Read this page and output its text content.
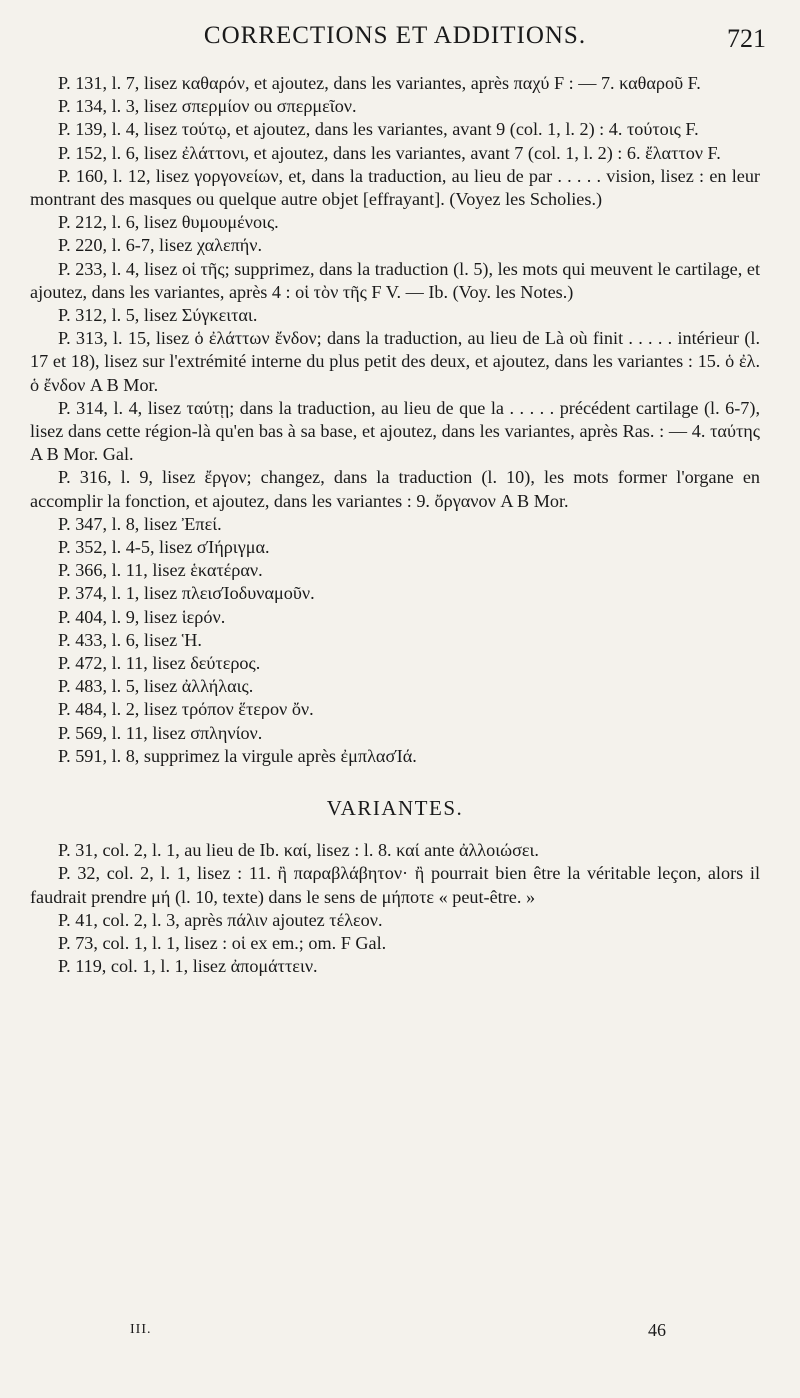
CORRECTIONS ET ADDITIONS.	721

P. 131, l. 7, lisez καθαρόν, et ajoutez, dans les variantes, après παχύ F : — 7. καθαροῦ F.

P. 134, l. 3, lisez σπερμίον ou σπερμεῖον.

P. 139, l. 4, lisez τούτῳ, et ajoutez, dans les variantes, avant 9 (col. 1, l. 2) : 4. τούτοις F.

P. 152, l. 6, lisez ἐλάττονι, et ajoutez, dans les variantes, avant 7 (col. 1, l. 2) : 6. ἔλαττον F.

P. 160, l. 12, lisez γοργονείων, et, dans la traduction, au lieu de par . . . . . vision, lisez : en leur montrant des masques ou quelque autre objet [effrayant]. (Voyez les Scholies.)

P. 212, l. 6, lisez θυμουμένοις.

P. 220, l. 6-7, lisez χαλεπήν.

P. 233, l. 4, lisez οἱ τῆς; supprimez, dans la traduction (l. 5), les mots qui meuvent le cartilage, et ajoutez, dans les variantes, après 4 : οἱ τὸν τῆς F V. — Ib. (Voy. les Notes.)

P. 312, l. 5, lisez Σύγκειται.

P. 313, l. 15, lisez ὁ ἐλάττων ἔνδον; dans la traduction, au lieu de Là où finit . . . . . intérieur (l. 17 et 18), lisez sur l'extrémité interne du plus petit des deux, et ajoutez, dans les variantes : 15. ὁ ἐλ. ὁ ἔνδον A B Mor.

P. 314, l. 4, lisez ταύτῃ; dans la traduction, au lieu de que la . . . . . précédent cartilage (l. 6-7), lisez dans cette région-là qu'en bas à sa base, et ajoutez, dans les variantes, après Ras. : — 4. ταύτης A B Mor. Gal.

P. 316, l. 9, lisez ἔργον; changez, dans la traduction (l. 10), les mots former l'organe en accomplir la fonction, et ajoutez, dans les variantes : 9. ὄργανον A B Mor.

P. 347, l. 8, lisez Ἐπεί.

P. 352, l. 4-5, lisez σΊήριγμα.

P. 366, l. 11, lisez ἑκατέραν.

P. 374, l. 1, lisez πλεισΊοδυναμοῦν.

P. 404, l. 9, lisez ἱερόν.

P. 433, l. 6, lisez Ἡ.

P. 472, l. 11, lisez δεύτερος.

P. 483, l. 5, lisez ἀλλήλαις.

P. 484, l. 2, lisez τρόπον ἕτερον ὄν.

P. 569, l. 11, lisez σπληνίον.

P. 591, l. 8, supprimez la virgule après ἐμπλασΊά.

VARIANTES.

P. 31, col. 2, l. 1, au lieu de Ib. καί, lisez : l. 8. καί ante ἀλλοιώσει.

P. 32, col. 2, l. 1, lisez : 11. ἢ παραβλάβητον· ἢ pourrait bien être la véritable leçon, alors il faudrait prendre μή (l. 10, texte) dans le sens de μήποτε « peut-être. »

P. 41, col. 2, l. 3, après πάλιν ajoutez τέλεον.

P. 73, col. 1, l. 1, lisez : οἱ ex em.; om. F Gal.

P. 119, col. 1, l. 1, lisez ἀπομάττειν.

III.	46
